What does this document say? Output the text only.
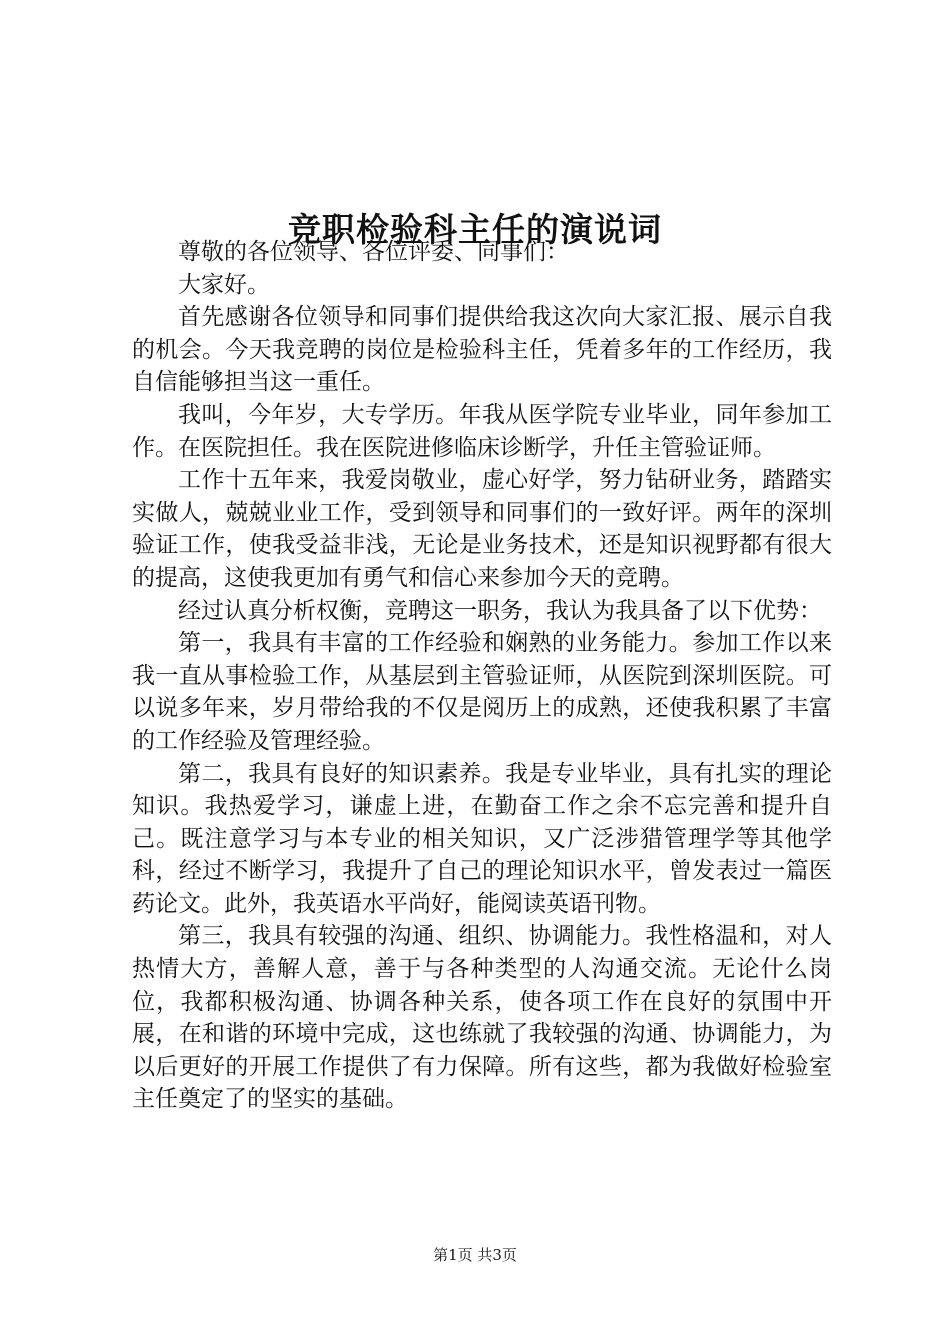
竞职检验科主任的演说词

尊敬的各位领导、各位评委、同事们：

大家好。

首先感谢各位领导和同事们提供给我这次向大家汇报、展示自我的机会。今天我竞聘的岗位是检验科主任，凭着多年的工作经历，我自信能够担当这一重任。

我叫，今年岁，大专学历。年我从医学院专业毕业，同年参加工作。在医院担任。我在医院进修临床诊断学，升任主管验证师。

工作十五年来，我爱岗敬业，虚心好学，努力钻研业务，踏踏实实做人，兢兢业业工作，受到领导和同事们的一致好评。两年的深圳验证工作，使我受益非浅，无论是业务技术，还是知识视野都有很大的提高，这使我更加有勇气和信心来参加今天的竞聘。

经过认真分析权衡，竞聘这一职务，我认为我具备了以下优势：

第一，我具有丰富的工作经验和娴熟的业务能力。参加工作以来我一直从事检验工作，从基层到主管验证师，从医院到深圳医院。可以说多年来，岁月带给我的不仅是阅历上的成熟，还使我积累了丰富的工作经验及管理经验。

第二，我具有良好的知识素养。我是专业毕业，具有扎实的理论知识。我热爱学习，谦虚上进，在勤奋工作之余不忘完善和提升自己。既注意学习与本专业的相关知识，又广泛涉猎管理学等其他学科，经过不断学习，我提升了自己的理论知识水平，曾发表过一篇医药论文。此外，我英语水平尚好，能阅读英语刊物。

第三，我具有较强的沟通、组织、协调能力。我性格温和，对人热情大方，善解人意，善于与各种类型的人沟通交流。无论什么岗位，我都积极沟通、协调各种关系，使各项工作在良好的氛围中开展，在和谐的环境中完成，这也练就了我较强的沟通、协调能力，为以后更好的开展工作提供了有力保障。所有这些，都为我做好检验室主任奠定了的坚实的基础。

第1页 共3页
